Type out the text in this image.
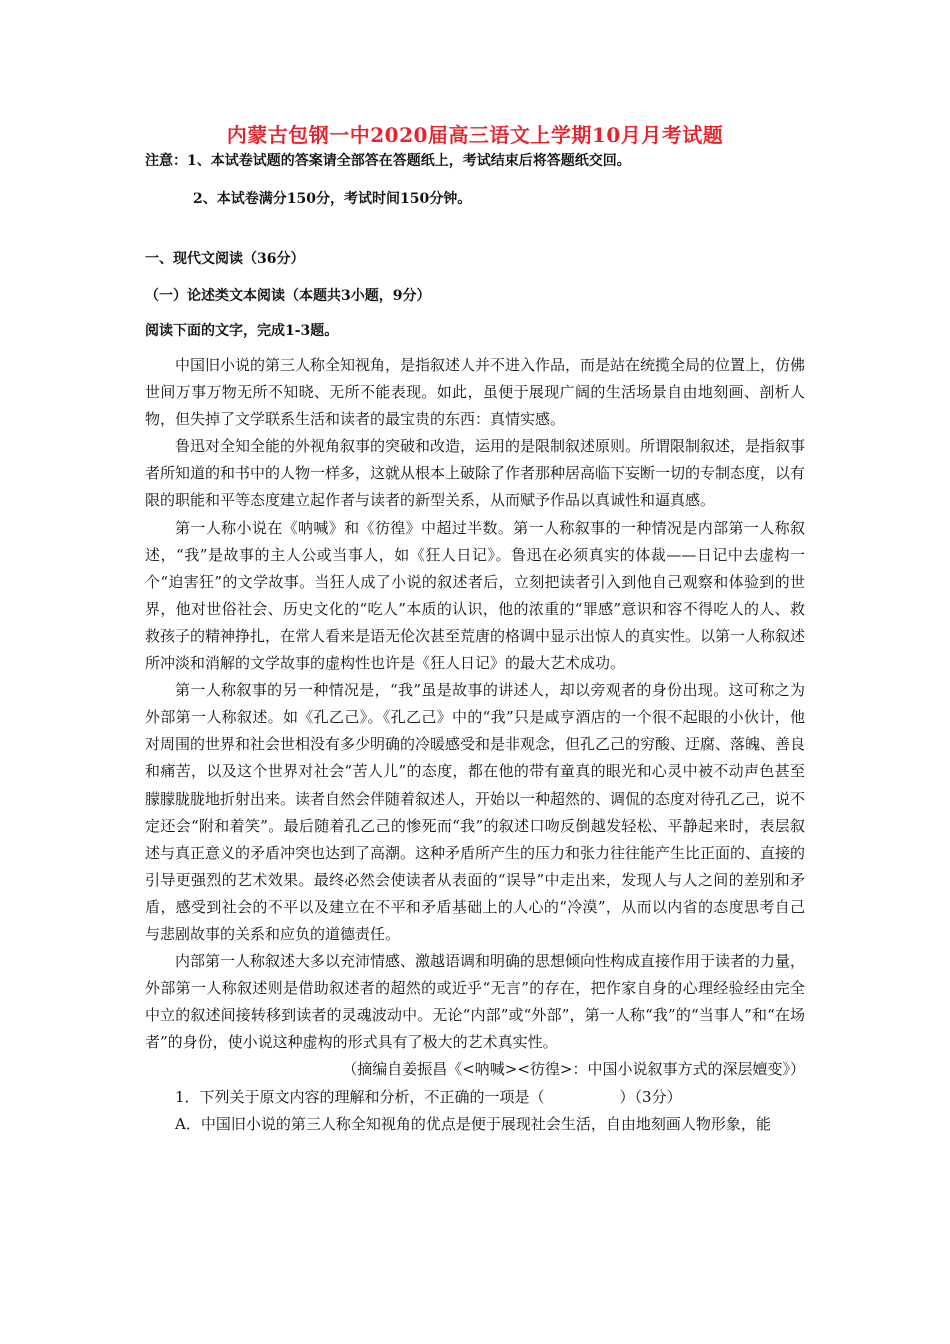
内蒙古包钢一中2020届高三语文上学期10月月考试题
注意：1、本试卷试题的答案请全部答在答题纸上，考试结束后将答题纸交回。
2、本试卷满分150分，考试时间150分钟。
一、现代文阅读（36分）
（一）论述类文本阅读（本题共3小题，9分）
阅读下面的文字，完成1-3题。

中国旧小说的第三人称全知视角，是指叙述人并不进入作品，而是站在统揽全局的位置上，仿佛世间万事万物无所不知晓、无所不能表现。如此，虽便于展现广阔的生活场景自由地刻画、剖析人物，但失掉了文学联系生活和读者的最宝贵的东西：真情实感。

鲁迅对全知全能的外视角叙事的突破和改造，运用的是限制叙述原则。所谓限制叙述，是指叙事者所知道的和书中的人物一样多，这就从根本上破除了作者那种居高临下妄断一切的专制态度，以有限的职能和平等态度建立起作者与读者的新型关系，从而赋予作品以真诚性和逼真感。

第一人称小说在《呐喊》和《彷徨》中超过半数。第一人称叙事的一种情况是内部第一人称叙述，“我”是故事的主人公或当事人，如《狂人日记》。鲁迅在必须真实的体裁——日记中去虚构一个“迫害狂”的文学故事。当狂人成了小说的叙述者后，立刻把读者引入到他自己观察和体验到的世界，他对世俗社会、历史文化的“吃人”本质的认识，他的浓重的“罪感”意识和容不得吃人的人、救救孩子的精神挣扎，在常人看来是语无伦次甚至荒唐的格调中显示出惊人的真实性。以第一人称叙述所冲淡和消解的文学故事的虚构性也许是《狂人日记》的最大艺术成功。

第一人称叙事的另一种情况是，“我”虽是故事的讲述人，却以旁观者的身份出现。这可称之为外部第一人称叙述。如《孔乙己》。《孔乙己》中的“我”只是咸亨酒店的一个很不起眼的小伙计，他对周围的世界和社会世相没有多少明确的冷暖感受和是非观念，但孔乙己的穷酸、迂腐、落魄、善良和痛苦，以及这个世界对社会“苦人儿”的态度，都在他的带有童真的眼光和心灵中被不动声色甚至朦朦胧胧地折射出来。读者自然会伴随着叙述人，开始以一种超然的、调侃的态度对待孔乙己，说不定还会“附和着笑”。最后随着孔乙己的惨死而“我”的叙述口吻反倒越发轻松、平静起来时，表层叙述与真正意义的矛盾冲突也达到了高潮。这种矛盾所产生的压力和张力往往能产生比正面的、直接的引导更强烈的艺术效果。最终必然会使读者从表面的“误导”中走出来，发现人与人之间的差别和矛盾，感受到社会的不平以及建立在不平和矛盾基础上的人心的“冷漠”，从而以内省的态度思考自己与悲剧故事的关系和应负的道德责任。

内部第一人称叙述大多以充沛情感、激越语调和明确的思想倾向性构成直接作用于读者的力量，外部第一人称叙述则是借助叙述者的超然的或近乎“无言”的存在，把作家自身的心理经验经由完全中立的叙述间接转移到读者的灵魂波动中。无论“内部”或“外部”，第一人称“我”的“当事人”和“在场者”的身份，使小说这种虚构的形式具有了极大的艺术真实性。

（摘编自姜振昌《<呐喊><彷徨>：中国小说叙事方式的深层嬗变》）

1．下列关于原文内容的理解和分析，不正确的一项是（　　　　　）（3分）

A．中国旧小说的第三人称全知视角的优点是便于展现社会生活，自由地刻画人物形象，能
